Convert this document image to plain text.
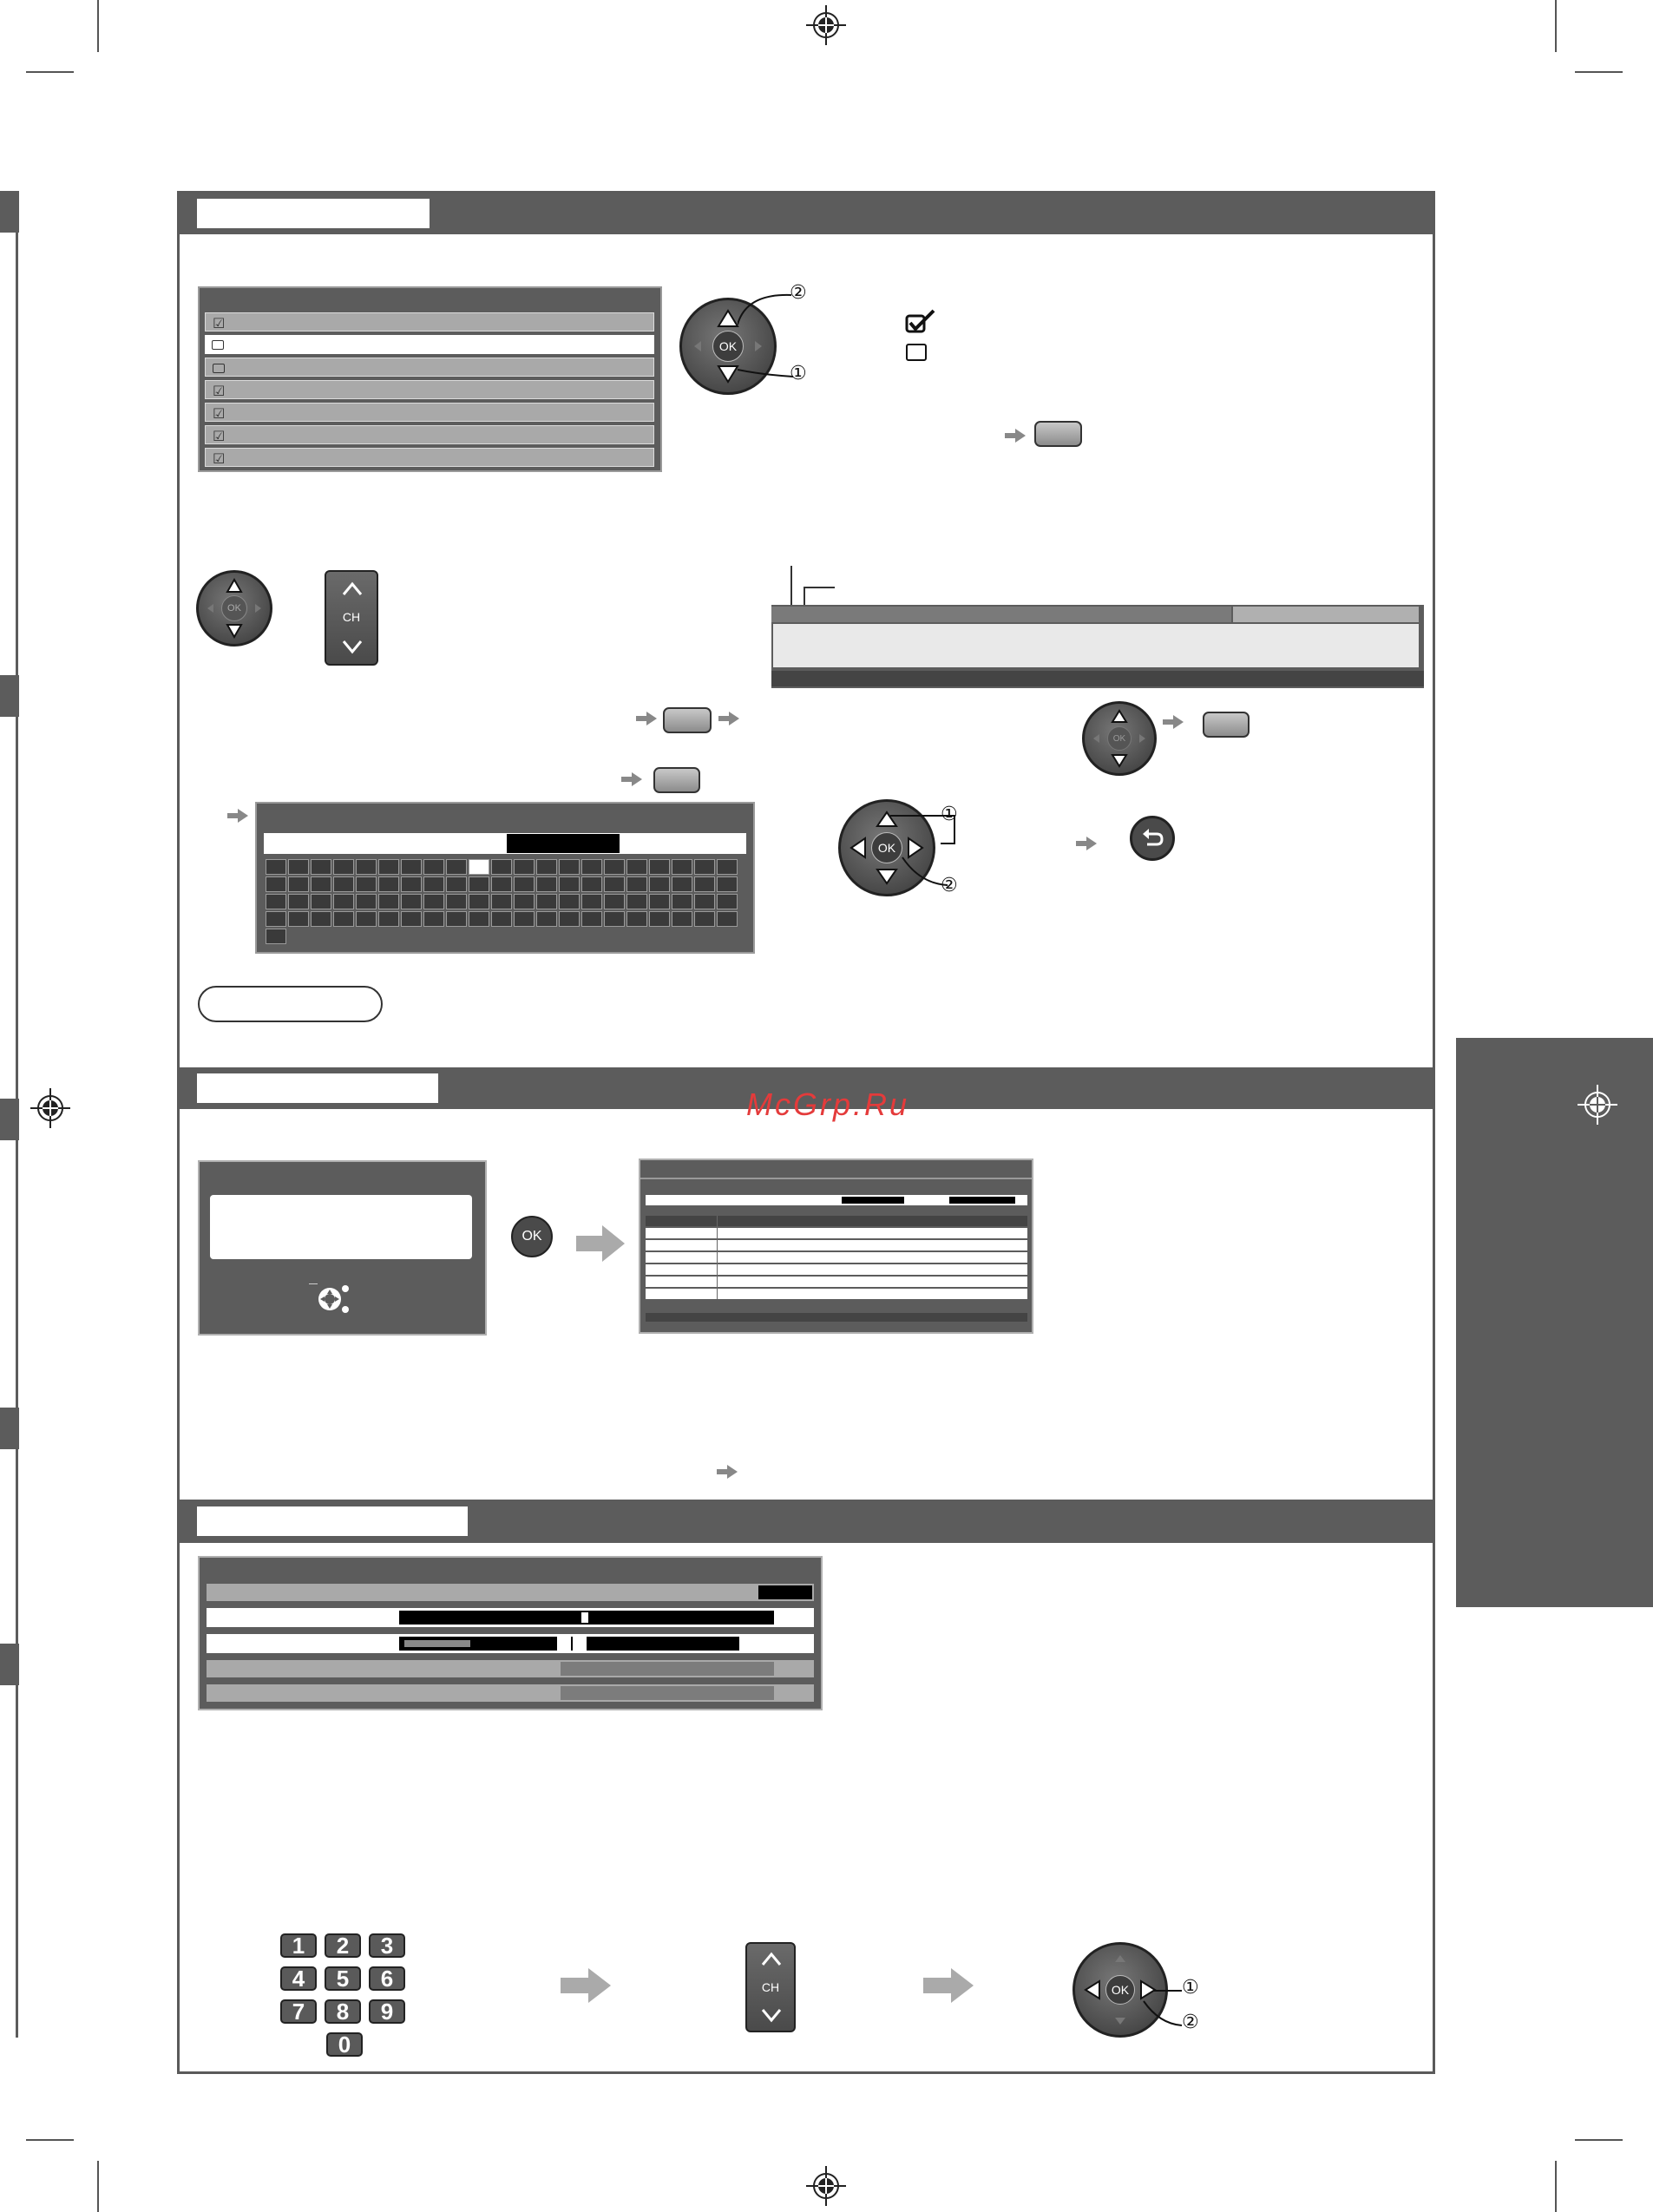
☑
☑
☑
☑
☑
OK
②
①
OK
CH
OK
①
②
OK
McGrp.Ru
OK
1	2	3
4	5	6
7	8	9
0
CH	OK	①
②
